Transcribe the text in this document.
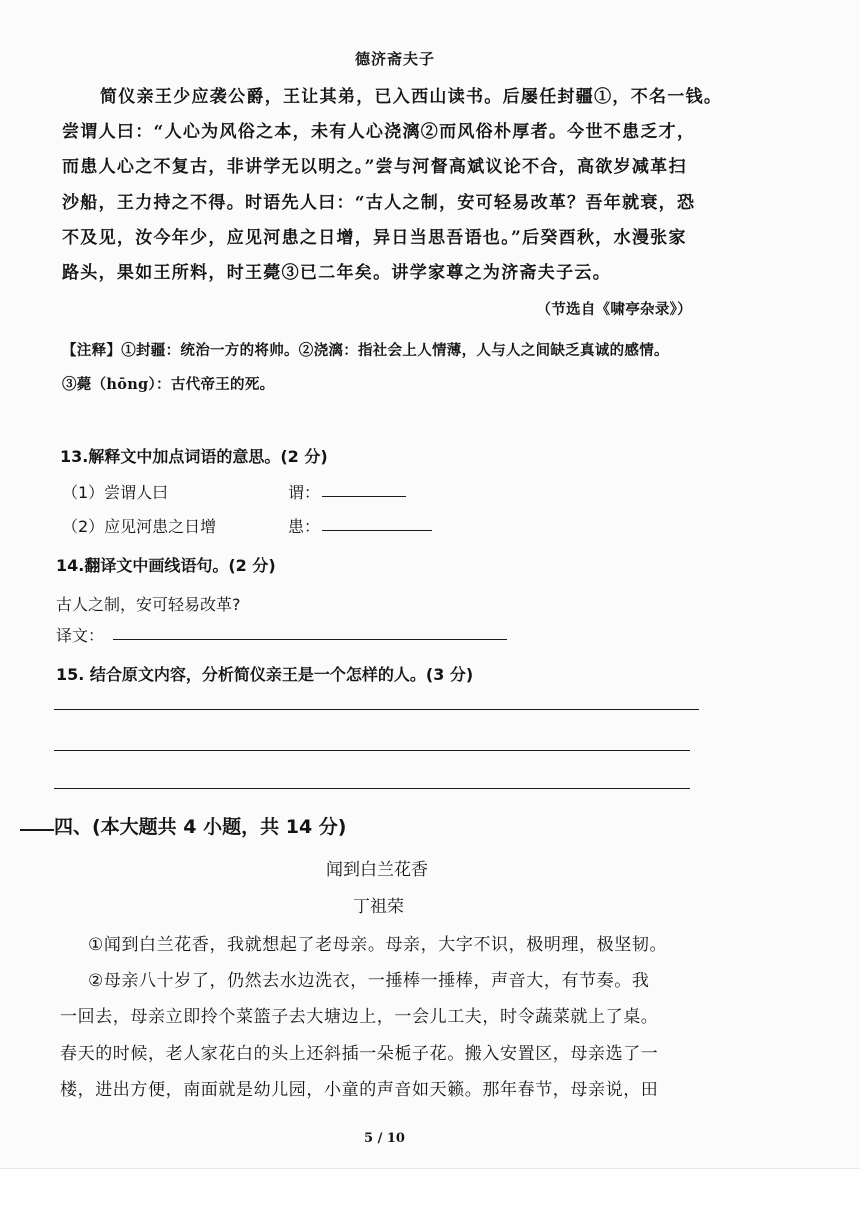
德济斋夫子
简仪亲王少应袭公爵，王让其弟，已入西山读书。后屡任封疆①，不名一钱。
尝谓人曰：“人心为风俗之本，未有人心浇漓②而风俗朴厚者。今世不患乏才，
而患人心之不复古，非讲学无以明之。”尝与河督高斌议论不合，高欲岁减革扫
沙船，王力持之不得。时语先人曰：“古人之制，安可轻易改革？吾年就衰，恐
不及见，汝今年少，应见河患之日增，异日当思吾语也。”后癸酉秋，水漫张家
路头，果如王所料，时王薨③已二年矣。讲学家尊之为济斋夫子云。
（节选自《啸亭杂录》）
【注释】①封疆：统治一方的将帅。②浇漓：指社会上人情薄，人与人之间缺乏真诚的感情。
③薨（hōng）：古代帝王的死。
13.解释文中加点词语的意思。(2 分)
（1）尝谓人曰	谓：
（2）应见河患之日增	患：
14.翻译文中画线语句。(2 分)
古人之制，安可轻易改革?
译文：
15. 结合原文内容，分析简仪亲王是一个怎样的人。(3 分)
四、(本大题共 4 小题，共 14 分)
闻到白兰花香
丁祖荣
①闻到白兰花香，我就想起了老母亲。母亲，大字不识，极明理，极坚韧。
②母亲八十岁了，仍然去水边洗衣，一捶棒一捶棒，声音大，有节奏。我
一回去，母亲立即拎个菜篮子去大塘边上，一会儿工夫，时令蔬菜就上了桌。
春天的时候，老人家花白的头上还斜插一朵栀子花。搬入安置区，母亲选了一
楼，进出方便，南面就是幼儿园，小童的声音如天籁。那年春节，母亲说，田
5 / 10
